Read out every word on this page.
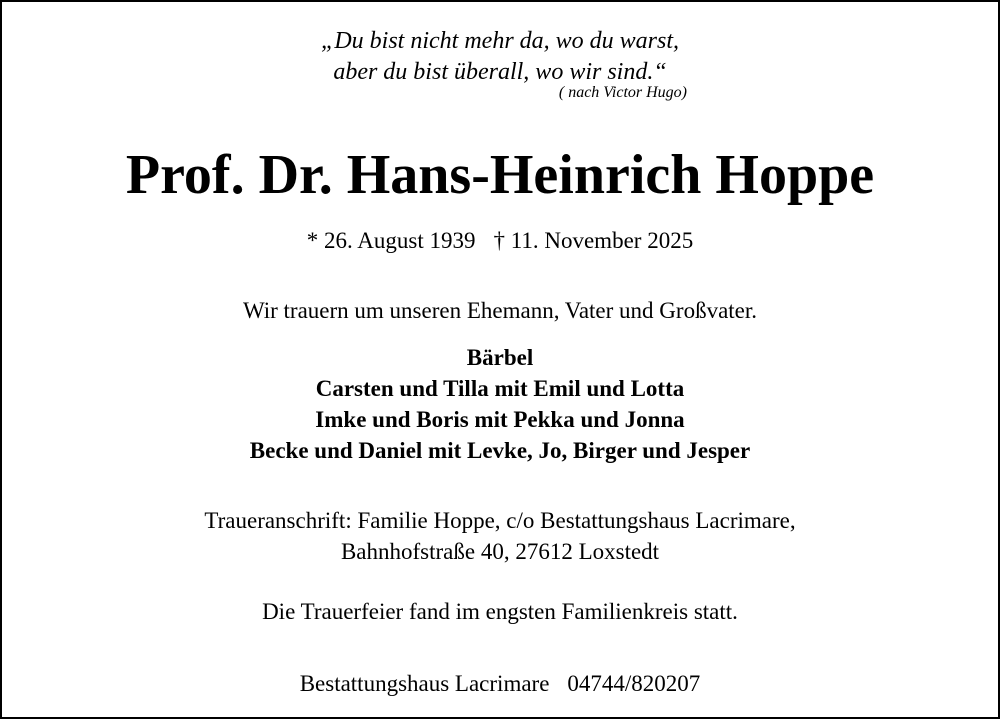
„Du bist nicht mehr da, wo du warst,
aber du bist überall, wo wir sind.“
( nach Victor Hugo)
Prof. Dr. Hans-Heinrich Hoppe
* 26. August 1939 † 11. November 2025
Wir trauern um unseren Ehemann, Vater und Großvater.
Bärbel
Carsten und Tilla mit Emil und Lotta
Imke und Boris mit Pekka und Jonna
Becke und Daniel mit Levke, Jo, Birger und Jesper
Traueranschrift: Familie Hoppe, c/o Bestattungshaus Lacrimare,
Bahnhofstraße 40, 27612 Loxstedt
Die Trauerfeier fand im engsten Familienkreis statt.
Bestattungshaus Lacrimare 04744/820207
